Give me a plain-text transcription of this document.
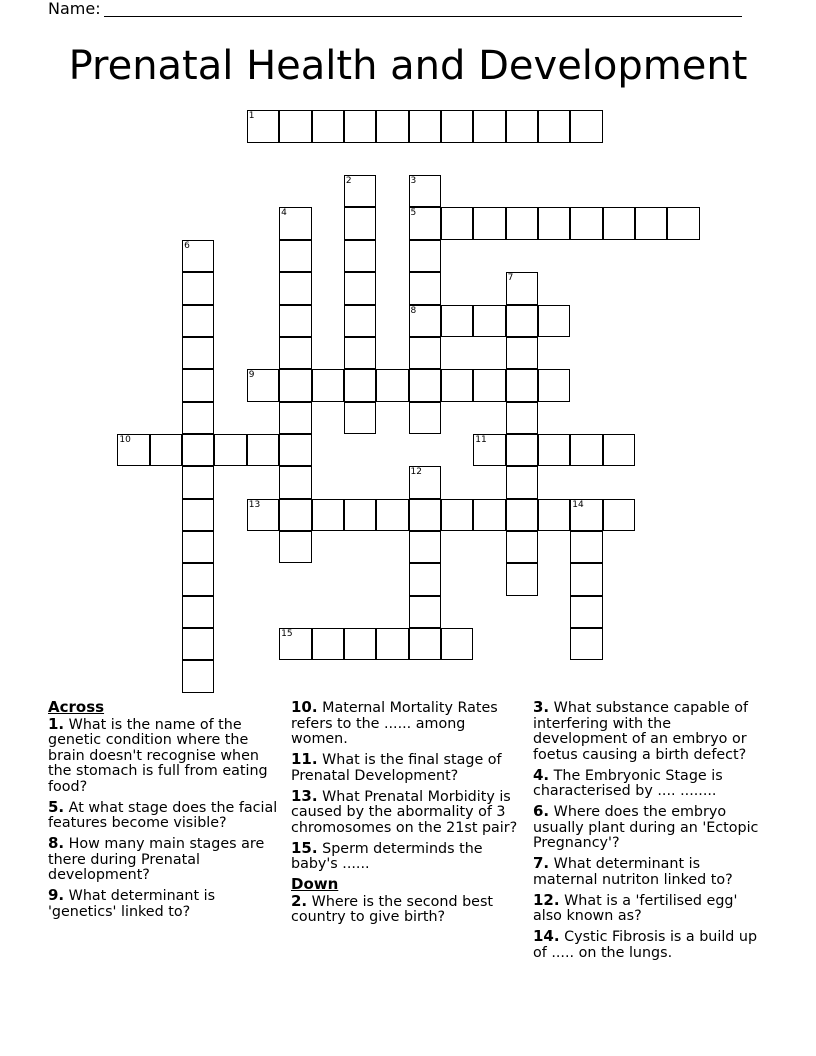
Name:
Prenatal Health and Development
1
2	3
5
8
4
6
7
9
10	11
12
13	14
15
Across
1. What is the name of the genetic condition where the brain doesn't recognise when the stomach is full from eating food?
5. At what stage does the facial features become visible?
8. How many main stages are there during Prenatal development?
9. What determinant is 'genetics' linked to?
10. Maternal Mortality Rates refers to the ...... among women.
11. What is the final stage of Prenatal Development?
13. What Prenatal Morbidity is caused by the abormality of 3 chromosomes on the 21st pair?
15. Sperm determinds the baby's ......
Down
2. Where is the second best country to give birth?
3. What substance capable of interfering with the development of an embryo or foetus causing a birth defect?
4. The Embryonic Stage is characterised by .... ........
6. Where does the embryo usually plant during an 'Ectopic Pregnancy'?
7. What determinant is maternal nutriton linked to?
12. What is a 'fertilised egg' also known as?
14. Cystic Fibrosis is a build up of ..... on the lungs.
